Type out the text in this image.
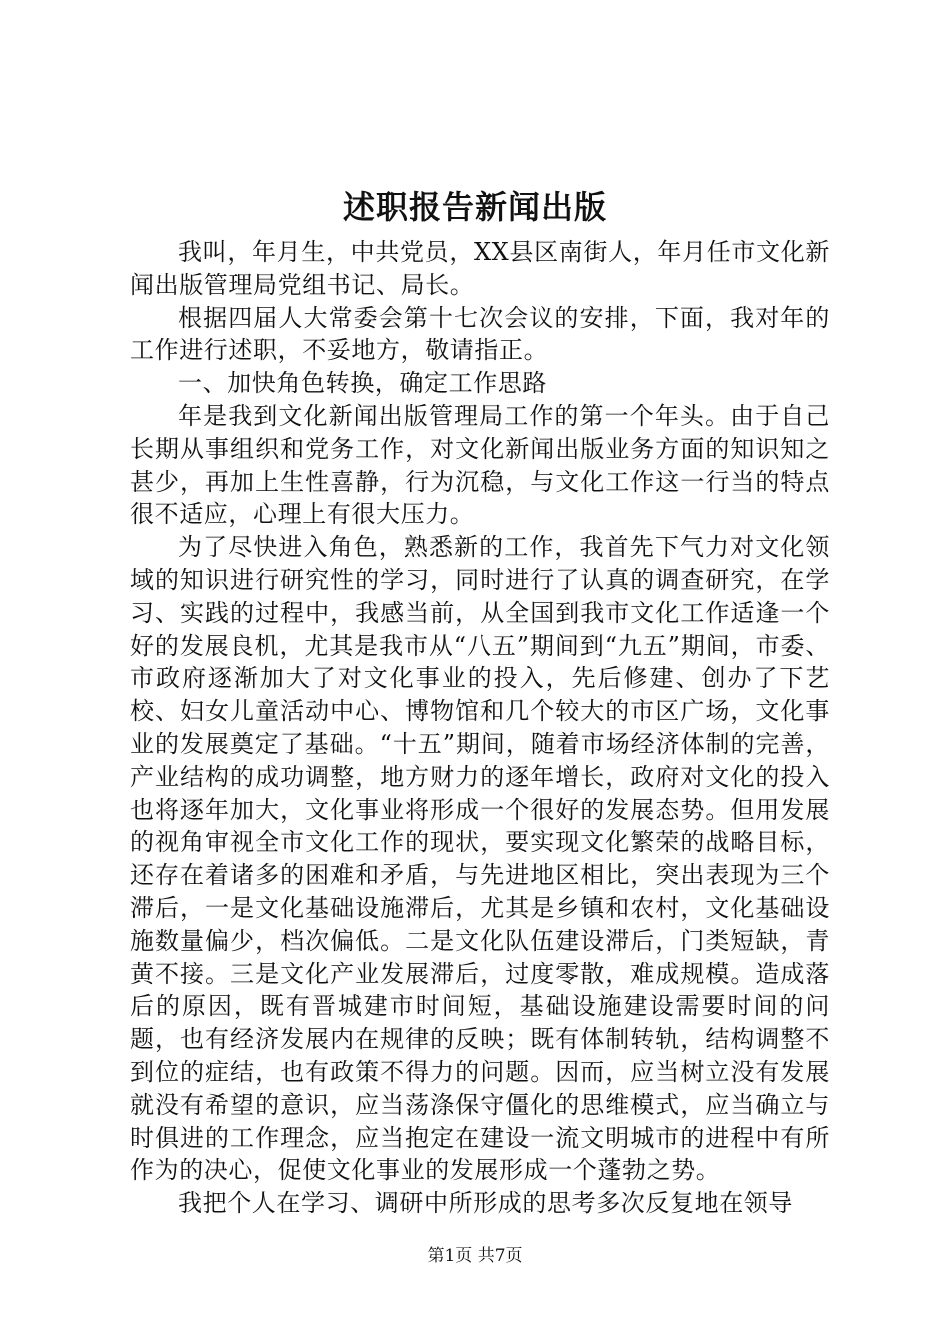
述职报告新闻出版

我叫，年月生，中共党员，XX县区南街人，年月任市文化新闻出版管理局党组书记、局长。

根据四届人大常委会第十七次会议的安排，下面，我对年的工作进行述职，不妥地方，敬请指正。

一、加快角色转换，确定工作思路

年是我到文化新闻出版管理局工作的第一个年头。由于自己长期从事组织和党务工作，对文化新闻出版业务方面的知识知之甚少，再加上生性喜静，行为沉稳，与文化工作这一行当的特点很不适应，心理上有很大压力。

为了尽快进入角色，熟悉新的工作，我首先下气力对文化领域的知识进行研究性的学习，同时进行了认真的调查研究，在学习、实践的过程中，我感当前，从全国到我市文化工作适逢一个好的发展良机，尤其是我市从“八五”期间到“九五”期间，市委、市政府逐渐加大了对文化事业的投入，先后修建、创办了下艺校、妇女儿童活动中心、博物馆和几个较大的市区广场，文化事业的发展奠定了基础。“十五”期间，随着市场经济体制的完善，产业结构的成功调整，地方财力的逐年增长，政府对文化的投入也将逐年加大，文化事业将形成一个很好的发展态势。但用发展的视角审视全市文化工作的现状，要实现文化繁荣的战略目标，还存在着诸多的困难和矛盾，与先进地区相比，突出表现为三个滞后，一是文化基础设施滞后，尤其是乡镇和农村，文化基础设施数量偏少，档次偏低。二是文化队伍建设滞后，门类短缺，青黄不接。三是文化产业发展滞后，过度零散，难成规模。造成落后的原因，既有晋城建市时间短，基础设施建设需要时间的问题，也有经济发展内在规律的反映；既有体制转轨，结构调整不到位的症结，也有政策不得力的问题。因而，应当树立没有发展就没有希望的意识，应当荡涤保守僵化的思维模式，应当确立与时俱进的工作理念，应当抱定在建设一流文明城市的进程中有所作为的决心，促使文化事业的发展形成一个蓬勃之势。

我把个人在学习、调研中所形成的思考多次反复地在领导

第1页 共7页
